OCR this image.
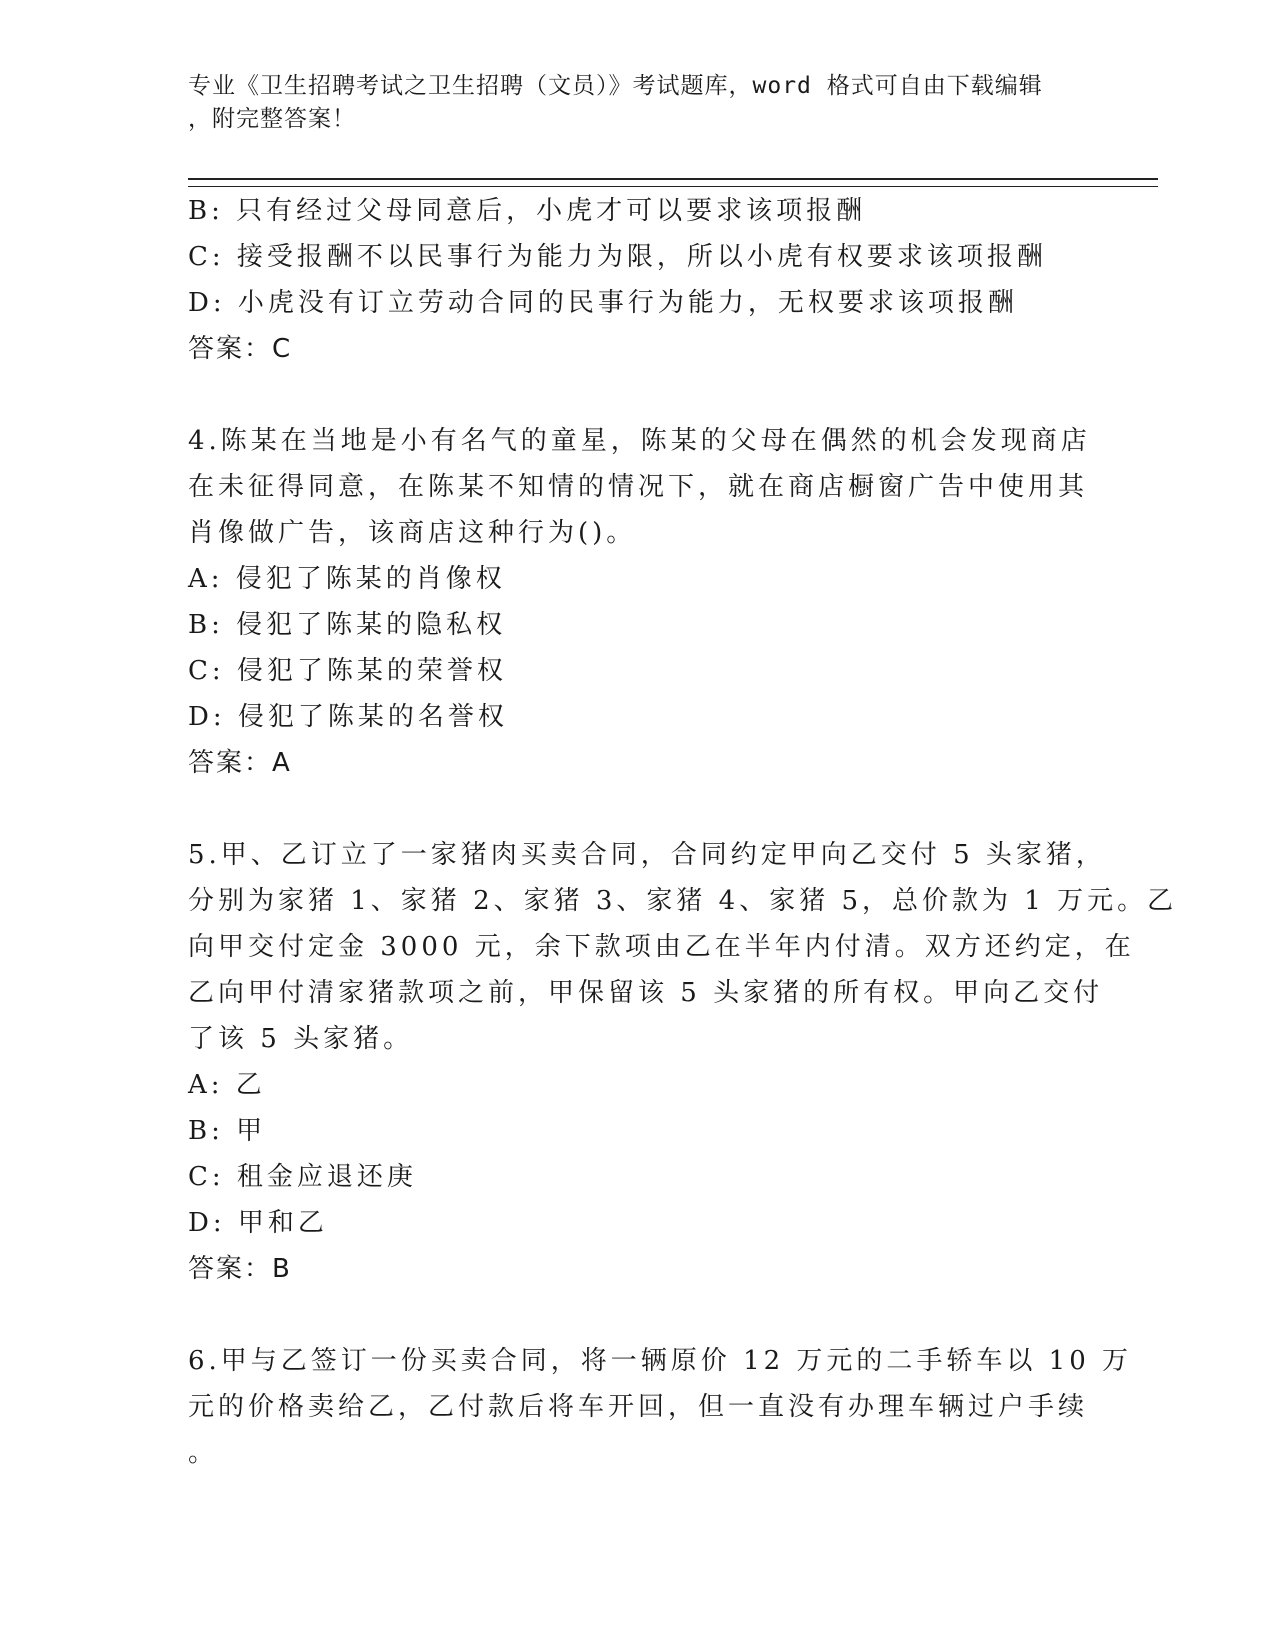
专业《卫生招聘考试之卫生招聘（文员）》考试题库，word 格式可自由下载编辑
，附完整答案！
B: 只有经过父母同意后，小虎才可以要求该项报酬
C: 接受报酬不以民事行为能力为限，所以小虎有权要求该项报酬
D: 小虎没有订立劳动合同的民事行为能力，无权要求该项报酬
答案：C
4.陈某在当地是小有名气的童星，陈某的父母在偶然的机会发现商店
在未征得同意，在陈某不知情的情况下，就在商店橱窗广告中使用其
肖像做广告，该商店这种行为()。
A: 侵犯了陈某的肖像权
B: 侵犯了陈某的隐私权
C: 侵犯了陈某的荣誉权
D: 侵犯了陈某的名誉权
答案：A
5.甲、乙订立了一家猪肉买卖合同，合同约定甲向乙交付 5 头家猪，
分别为家猪 1、家猪 2、家猪 3、家猪 4、家猪 5，总价款为 1 万元。乙
向甲交付定金 3000 元，余下款项由乙在半年内付清。双方还约定，在
乙向甲付清家猪款项之前，甲保留该 5 头家猪的所有权。甲向乙交付
了该 5 头家猪。
A: 乙
B: 甲
C: 租金应退还庚
D: 甲和乙
答案：B
6.甲与乙签订一份买卖合同，将一辆原价 12 万元的二手轿车以 10 万
元的价格卖给乙，乙付款后将车开回，但一直没有办理车辆过户手续
。
